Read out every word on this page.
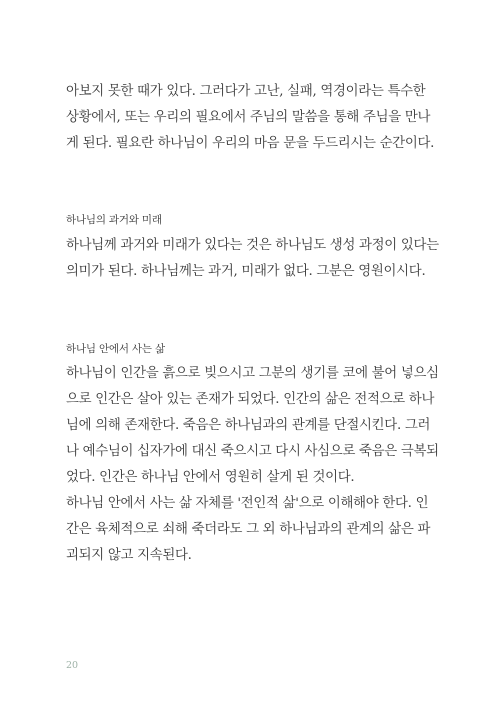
아보지 못한 때가 있다. 그러다가 고난, 실패, 역경이라는 특수한
상황에서, 또는 우리의 필요에서 주님의 말씀을 통해 주님을 만나
게 된다. 필요란 하나님이 우리의 마음 문을 두드리시는 순간이다.
하나님의 과거와 미래
하나님께 과거와 미래가 있다는 것은 하나님도 생성 과정이 있다는
의미가 된다. 하나님께는 과거, 미래가 없다. 그분은 영원이시다.
하나님 안에서 사는 삶
하나님이 인간을 흙으로 빚으시고 그분의 생기를 코에 불어 넣으심
으로 인간은 살아 있는 존재가 되었다. 인간의 삶은 전적으로 하나
님에 의해 존재한다. 죽음은 하나님과의 관계를 단절시킨다. 그러
나 예수님이 십자가에 대신 죽으시고 다시 사심으로 죽음은 극복되
었다. 인간은 하나님 안에서 영원히 살게 된 것이다.
하나님 안에서 사는 삶 자체를 '전인적 삶'으로 이해해야 한다. 인
간은 육체적으로 쇠해 죽더라도 그 외 하나님과의 관계의 삶은 파
괴되지 않고 지속된다.
20
